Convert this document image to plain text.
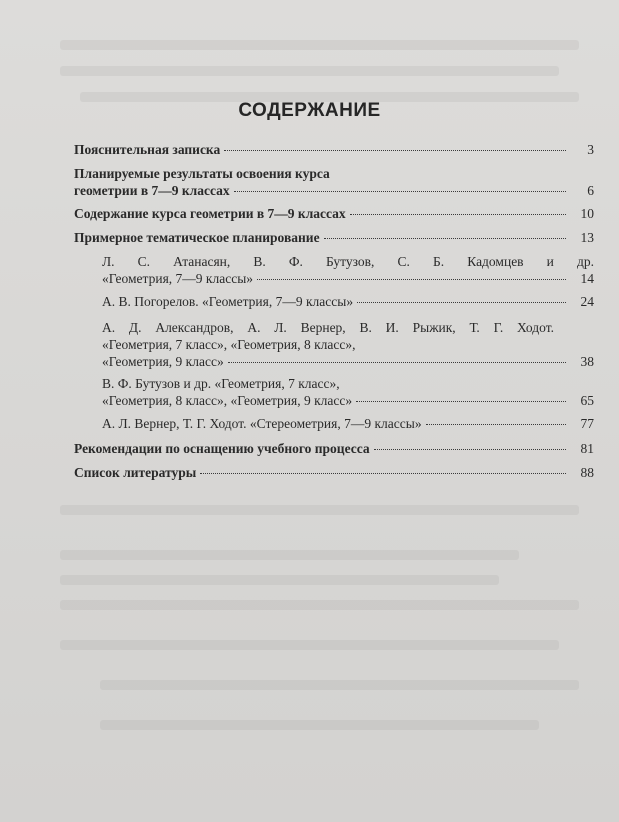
СОДЕРЖАНИЕ
Пояснительная записка	3
Планируемые результаты освоения курса
геометрии в 7—9 классах	6
Содержание курса геометрии в 7—9 классах	10
Примерное тематическое планирование	13
Л. С. Атанасян, В. Ф. Бутузов, С. Б. Кадомцев и др.
«Геометрия, 7—9 классы»	14
А. В. Погорелов. «Геометрия, 7—9 классы»	24
А. Д. Александров, А. Л. Вернер, В. И. Рыжик, Т. Г. Ходот.
«Геометрия, 7 класс», «Геометрия, 8 класс»,
«Геометрия, 9 класс»	38
В. Ф. Бутузов и др. «Геометрия, 7 класс»,
«Геометрия, 8 класс», «Геометрия, 9 класс»	65
А. Л. Вернер, Т. Г. Ходот. «Стереометрия, 7—9 классы»	77
Рекомендации по оснащению учебного процесса	81
Список литературы	88
